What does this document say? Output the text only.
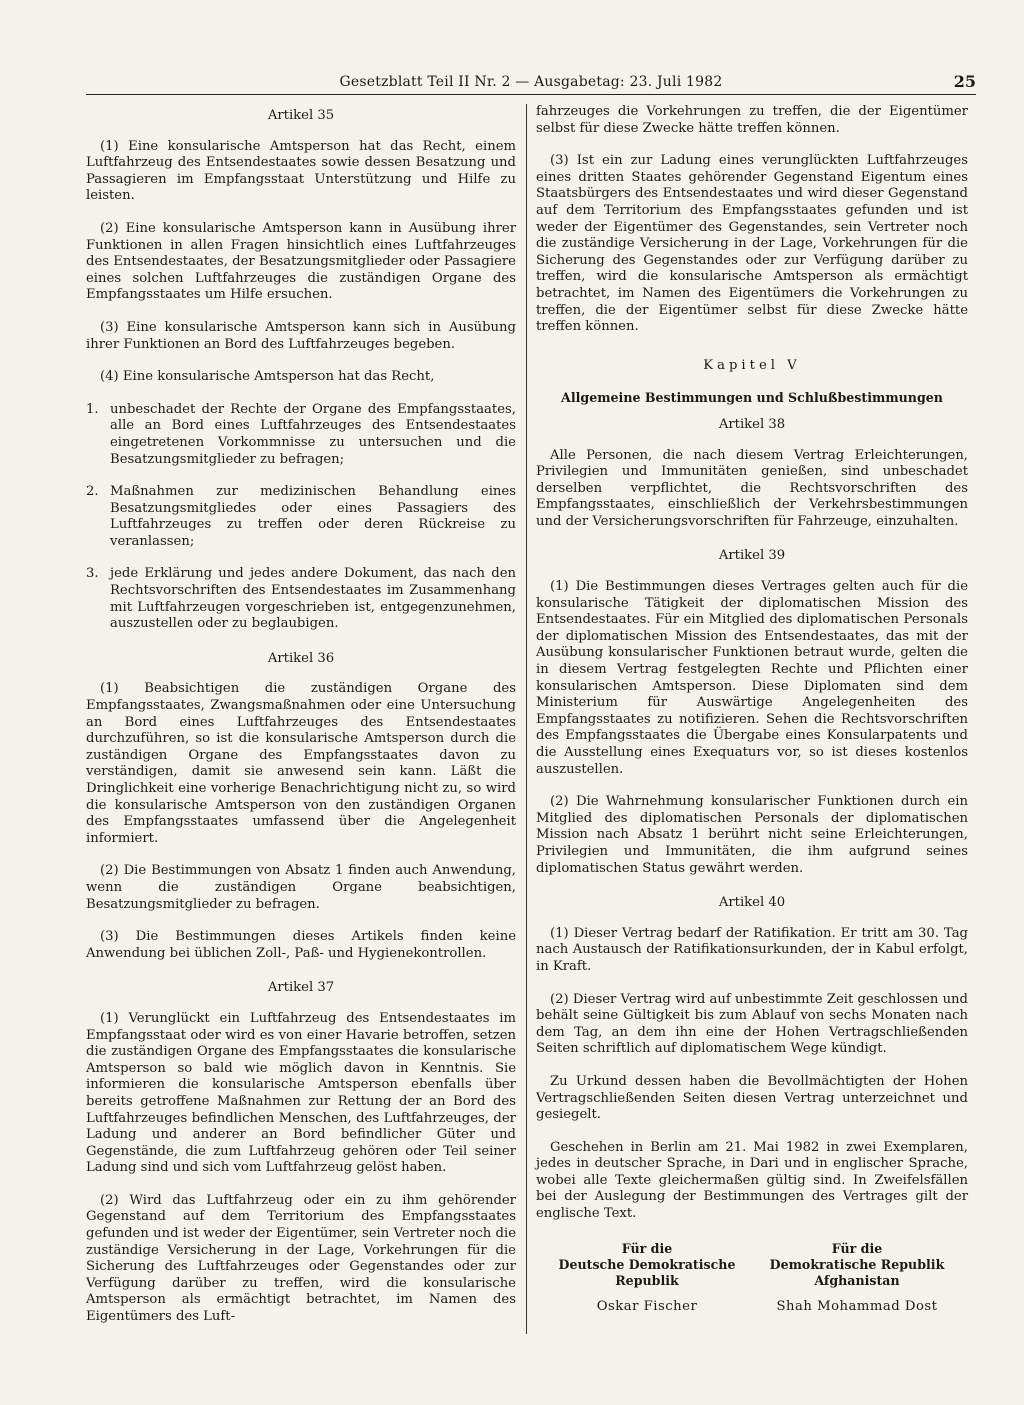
Gesetzblatt Teil II Nr. 2 — Ausgabetag: 23. Juli 1982	25
Artikel 35

(1) Eine konsularische Amtsperson hat das Recht, einem Luftfahrzeug des Entsendestaates sowie dessen Besatzung und Passagieren im Empfangsstaat Unterstützung und Hilfe zu leisten.

(2) Eine konsularische Amtsperson kann in Ausübung ihrer Funktionen in allen Fragen hinsichtlich eines Luftfahrzeuges des Entsendestaates, der Besatzungsmitglieder oder Passagiere eines solchen Luftfahrzeuges die zuständigen Organe des Empfangsstaates um Hilfe ersuchen.

(3) Eine konsularische Amtsperson kann sich in Ausübung ihrer Funktionen an Bord des Luftfahrzeuges begeben.

(4) Eine konsularische Amtsperson hat das Recht,

1. unbeschadet der Rechte der Organe des Empfangsstaates, alle an Bord eines Luftfahrzeuges des Entsendestaates eingetretenen Vorkommnisse zu untersuchen und die Besatzungsmitglieder zu befragen;
2. Maßnahmen zur medizinischen Behandlung eines Besatzungsmitgliedes oder eines Passagiers des Luftfahrzeuges zu treffen oder deren Rückreise zu veranlassen;
3. jede Erklärung und jedes andere Dokument, das nach den Rechtsvorschriften des Entsendestaates im Zusammenhang mit Luftfahrzeugen vorgeschrieben ist, entgegenzunehmen, auszustellen oder zu beglaubigen.
Artikel 36

(1) Beabsichtigen die zuständigen Organe des Empfangsstaates, Zwangsmaßnahmen oder eine Untersuchung an Bord eines Luftfahrzeuges des Entsendestaates durchzuführen, so ist die konsularische Amtsperson durch die zuständigen Organe des Empfangsstaates davon zu verständigen, damit sie anwesend sein kann. Läßt die Dringlichkeit eine vorherige Benachrichtigung nicht zu, so wird die konsularische Amtsperson von den zuständigen Organen des Empfangsstaates umfassend über die Angelegenheit informiert.

(2) Die Bestimmungen von Absatz 1 finden auch Anwendung, wenn die zuständigen Organe beabsichtigen, Besatzungsmitglieder zu befragen.

(3) Die Bestimmungen dieses Artikels finden keine Anwendung bei üblichen Zoll-, Paß- und Hygienekontrollen.

Artikel 37

(1) Verunglückt ein Luftfahrzeug des Entsendestaates im Empfangsstaat oder wird es von einer Havarie betroffen, setzen die zuständigen Organe des Empfangsstaates die konsularische Amtsperson so bald wie möglich davon in Kenntnis. Sie informieren die konsularische Amtsperson ebenfalls über bereits getroffene Maßnahmen zur Rettung der an Bord des Luftfahrzeuges befindlichen Menschen, des Luftfahrzeuges, der Ladung und anderer an Bord befindlicher Güter und Gegenstände, die zum Luftfahrzeug gehören oder Teil seiner Ladung sind und sich vom Luftfahrzeug gelöst haben.

(2) Wird das Luftfahrzeug oder ein zu ihm gehörender Gegenstand auf dem Territorium des Empfangsstaates gefunden und ist weder der Eigentümer, sein Vertreter noch die zuständige Versicherung in der Lage, Vorkehrungen für die Sicherung des Luftfahrzeuges oder Gegenstandes oder zur Verfügung darüber zu treffen, wird die konsularische Amtsperson als ermächtigt betrachtet, im Namen des Eigentümers des Luft-

fahrzeuges die Vorkehrungen zu treffen, die der Eigentümer selbst für diese Zwecke hätte treffen können.

(3) Ist ein zur Ladung eines verunglückten Luftfahrzeuges eines dritten Staates gehörender Gegenstand Eigentum eines Staatsbürgers des Entsendestaates und wird dieser Gegenstand auf dem Territorium des Empfangsstaates gefunden und ist weder der Eigentümer des Gegenstandes, sein Vertreter noch die zuständige Versicherung in der Lage, Vorkehrungen für die Sicherung des Gegenstandes oder zur Verfügung darüber zu treffen, wird die konsularische Amtsperson als ermächtigt betrachtet, im Namen des Eigentümers die Vorkehrungen zu treffen, die der Eigentümer selbst für diese Zwecke hätte treffen können.

Kapitel V
Allgemeine Bestimmungen und Schlußbestimmungen
Artikel 38

Alle Personen, die nach diesem Vertrag Erleichterungen, Privilegien und Immunitäten genießen, sind unbeschadet derselben verpflichtet, die Rechtsvorschriften des Empfangsstaates, einschließlich der Verkehrsbestimmungen und der Versicherungsvorschriften für Fahrzeuge, einzuhalten.

Artikel 39

(1) Die Bestimmungen dieses Vertrages gelten auch für die konsularische Tätigkeit der diplomatischen Mission des Entsendestaates. Für ein Mitglied des diplomatischen Personals der diplomatischen Mission des Entsendestaates, das mit der Ausübung konsularischer Funktionen betraut wurde, gelten die in diesem Vertrag festgelegten Rechte und Pflichten einer konsularischen Amtsperson. Diese Diplomaten sind dem Ministerium für Auswärtige Angelegenheiten des Empfangsstaates zu notifizieren. Sehen die Rechtsvorschriften des Empfangsstaates die Übergabe eines Konsularpatents und die Ausstellung eines Exequaturs vor, so ist dieses kostenlos auszustellen.

(2) Die Wahrnehmung konsularischer Funktionen durch ein Mitglied des diplomatischen Personals der diplomatischen Mission nach Absatz 1 berührt nicht seine Erleichterungen, Privilegien und Immunitäten, die ihm aufgrund seines diplomatischen Status gewährt werden.

Artikel 40

(1) Dieser Vertrag bedarf der Ratifikation. Er tritt am 30. Tag nach Austausch der Ratifikationsurkunden, der in Kabul erfolgt, in Kraft.

(2) Dieser Vertrag wird auf unbestimmte Zeit geschlossen und behält seine Gültigkeit bis zum Ablauf von sechs Monaten nach dem Tag, an dem ihn eine der Hohen Vertragschließenden Seiten schriftlich auf diplomatischem Wege kündigt.

Zu Urkund dessen haben die Bevollmächtigten der Hohen Vertragschließenden Seiten diesen Vertrag unterzeichnet und gesiegelt.

Geschehen in Berlin am 21. Mai 1982 in zwei Exemplaren, jedes in deutscher Sprache, in Dari und in englischer Sprache, wobei alle Texte gleichermaßen gültig sind. In Zweifelsfällen bei der Auslegung der Bestimmungen des Vertrages gilt der englische Text.

Für die
Deutsche Demokratische
Republik
Oskar Fischer
Für die
Demokratische Republik
Afghanistan
Shah Mohammad Dost
